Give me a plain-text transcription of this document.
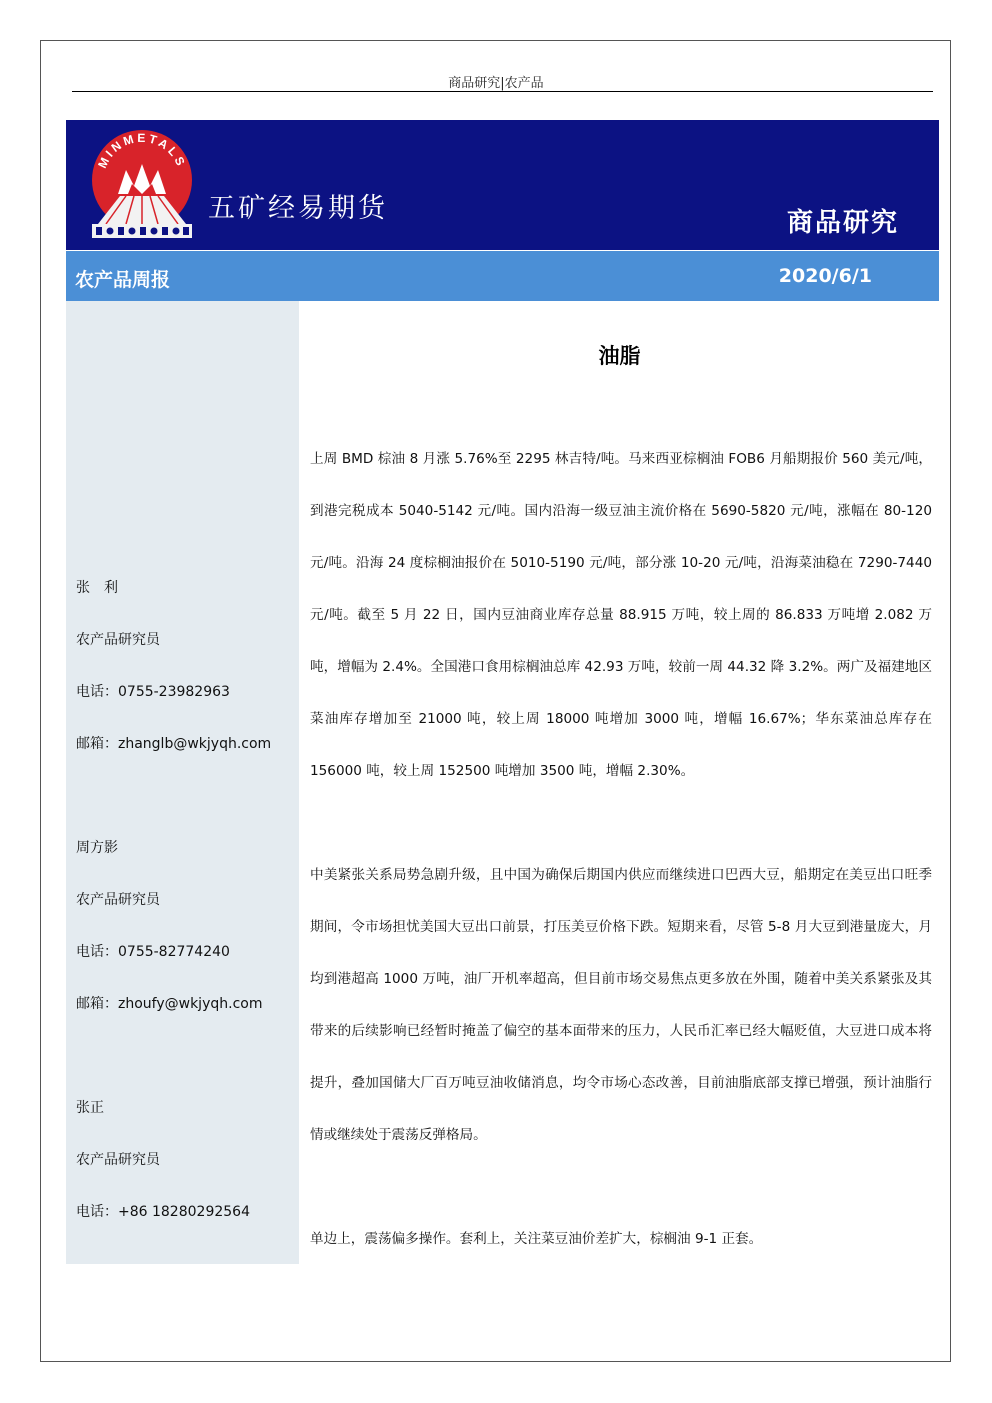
商品研究|农产品
MINMETALS
五矿经易期货	商品研究
农产品周报	2020/6/1
张　利
农产品研究员
电话：0755-23982963
邮箱：zhanglb@wkjyqh.com
周方影
农产品研究员
电话：0755-82774240
邮箱：zhoufy@wkjyqh.com
张正
农产品研究员
电话：+86 18280292564
油脂
上周 BMD 棕油 8 月涨 5.76%至 2295 林吉特/吨。马来西亚棕榈油 FOB6 月船期报价 560 美元/吨，到港完税成本 5040-5142 元/吨。国内沿海一级豆油主流价格在 5690-5820 元/吨，涨幅在 80-120 元/吨。沿海 24 度棕榈油报价在 5010-5190 元/吨，部分涨 10-20 元/吨，沿海菜油稳在 7290-7440 元/吨。截至 5 月 22 日，国内豆油商业库存总量 88.915 万吨，较上周的 86.833 万吨增 2.082 万吨，增幅为 2.4%。全国港口食用棕榈油总库 42.93 万吨，较前一周 44.32 降 3.2%。两广及福建地区菜油库存增加至 21000 吨，较上周 18000 吨增加 3000 吨，增幅 16.67%；华东菜油总库存在 156000 吨，较上周 152500 吨增加 3500 吨，增幅 2.30%。
中美紧张关系局势急剧升级，且中国为确保后期国内供应而继续进口巴西大豆，船期定在美豆出口旺季期间，令市场担忧美国大豆出口前景，打压美豆价格下跌。短期来看，尽管 5-8 月大豆到港量庞大，月均到港超高 1000 万吨，油厂开机率超高，但目前市场交易焦点更多放在外围，随着中美关系紧张及其带来的后续影响已经暂时掩盖了偏空的基本面带来的压力，人民币汇率已经大幅贬值，大豆进口成本将提升，叠加国储大厂百万吨豆油收储消息，均令市场心态改善，目前油脂底部支撑已增强，预计油脂行情或继续处于震荡反弹格局。
单边上，震荡偏多操作。套利上，关注菜豆油价差扩大，棕榈油 9-1 正套。
